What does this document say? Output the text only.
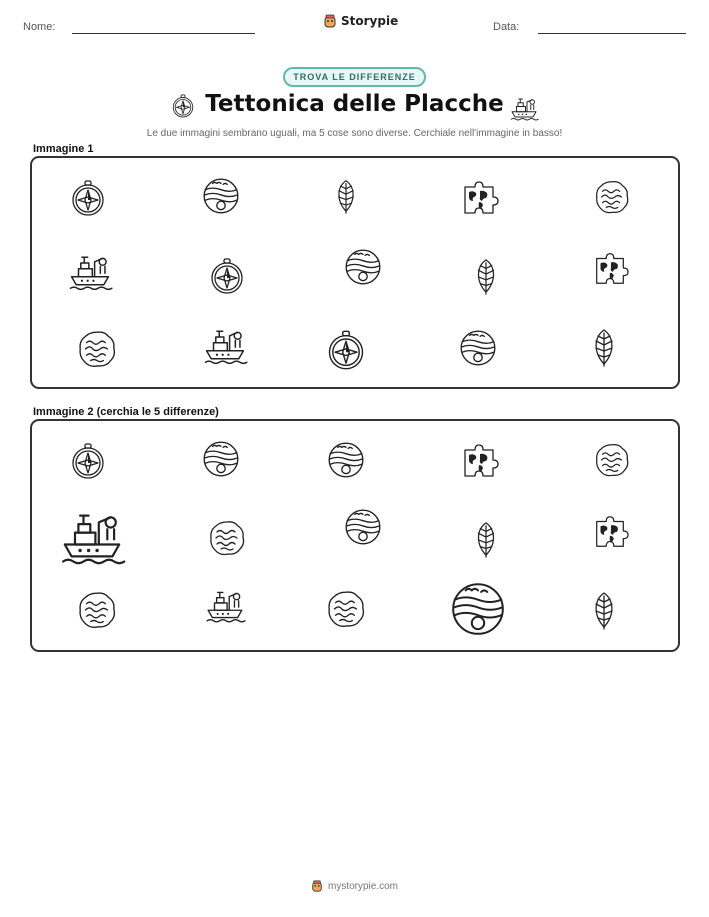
Nome:	Storypie	Data:
TROVA LE DIFFERENZE
Tettonica delle Placche
Le due immagini sembrano uguali, ma 5 cose sono diverse. Cerchiale nell'immagine in basso!
Immagine 1
Immagine 2 (cerchia le 5 differenze)
mystorypie.com
